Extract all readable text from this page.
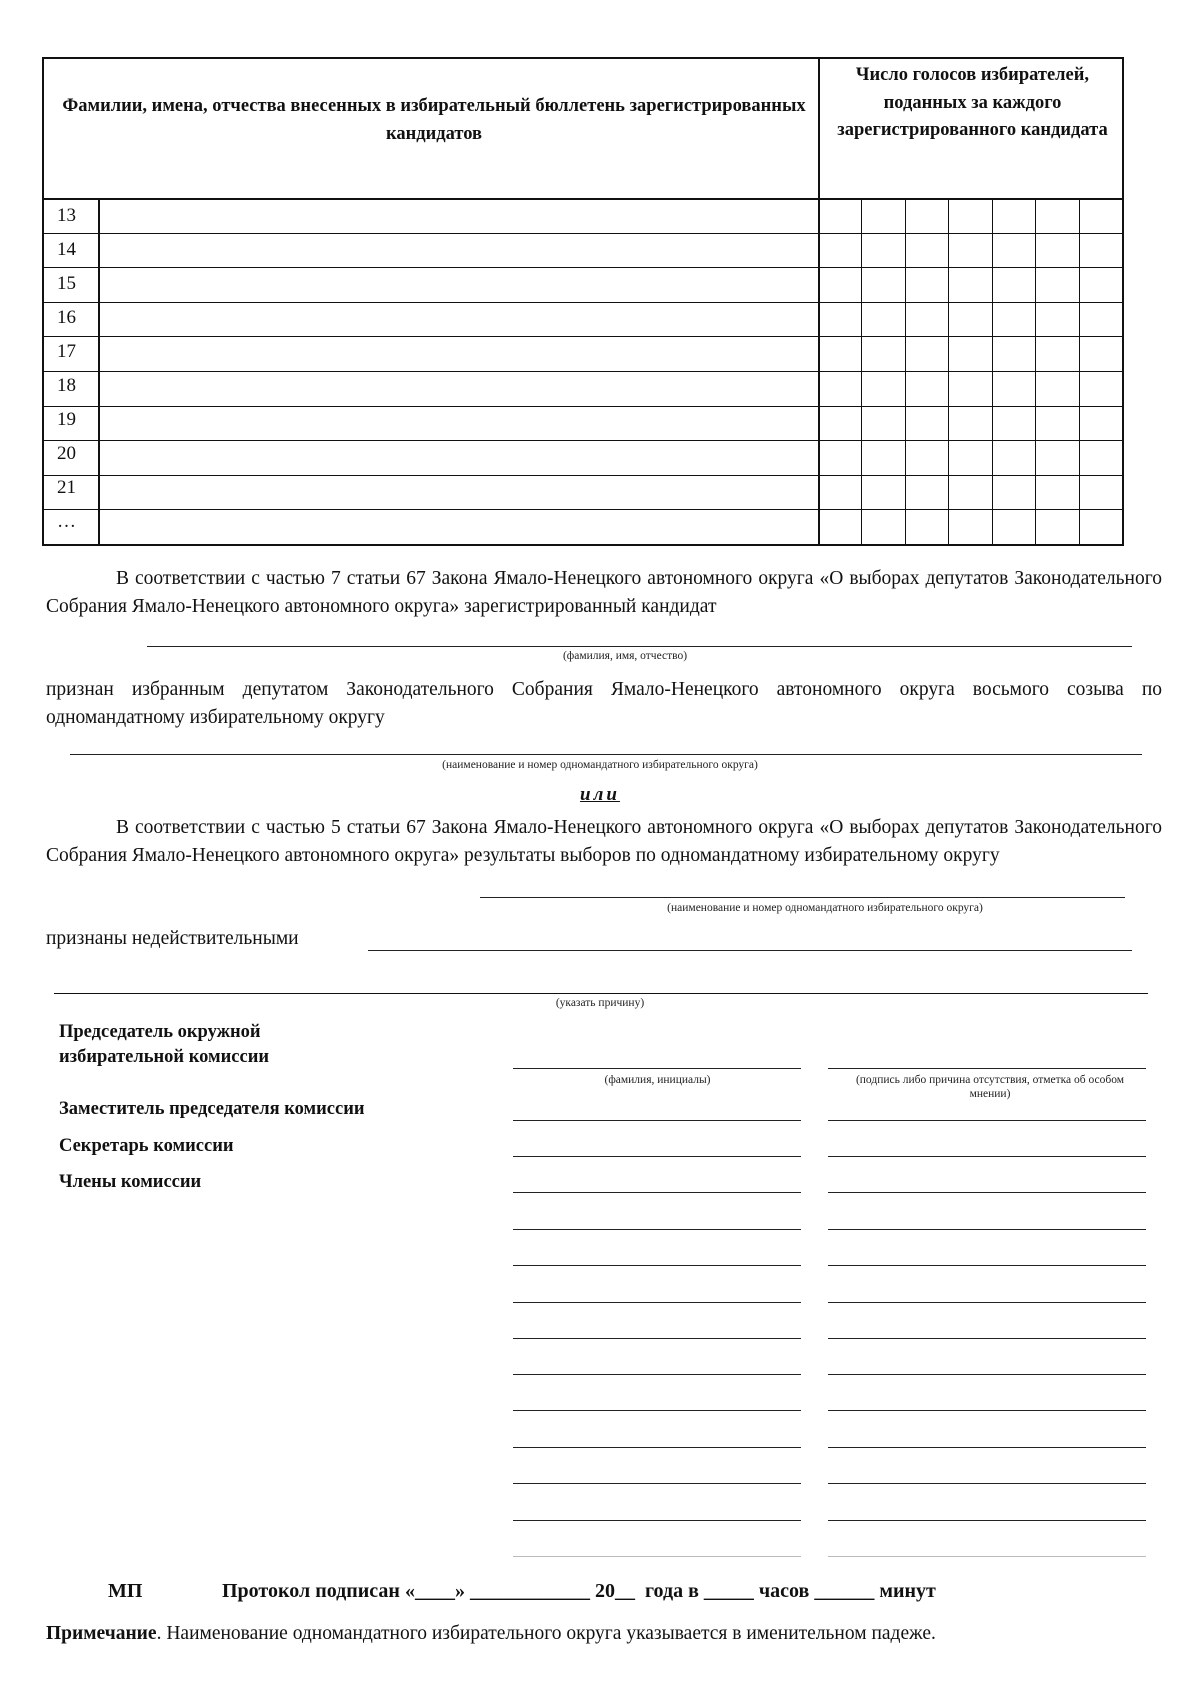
Фамилии, имена, отчества внесенных в избирательный бюллетень зарегистрированных кандидатов
Число голосов избирателей, поданных за каждого зарегистрированного кандидата
13
14
15
16
17
18
19
20
21
…
В соответствии с частью 7 статьи 67 Закона Ямало-Ненецкого автономного округа «О выборах депутатов Законодательного Собрания Ямало-Ненецкого автономного округа» зарегистрированный кандидат
(фамилия, имя, отчество)
признан избранным депутатом Законодательного Собрания Ямало-Ненецкого автономного округа восьмого созыва по одномандатному избирательному округу
(наименование и номер одномандатного избирательного округа)
или
В соответствии с частью 5 статьи 67 Закона Ямало-Ненецкого автономного округа «О выборах депутатов Законодательного Собрания Ямало-Ненецкого автономного округа» результаты выборов по одномандатному избирательному округу
(наименование и номер одномандатного избирательного округа)
признаны недействительными
(указать причину)
Председатель окружной избирательной комиссии
Заместитель председателя комиссии
Секретарь комиссии
Члены комиссии
(фамилия, инициалы)	(подпись либо причина отсутствия, отметка об особом мнении)
МП	Протокол подписан «____» ____________ 20__ года в _____ часов ______ минут
Примечание. Наименование одномандатного избирательного округа указывается в именительном падеже.
